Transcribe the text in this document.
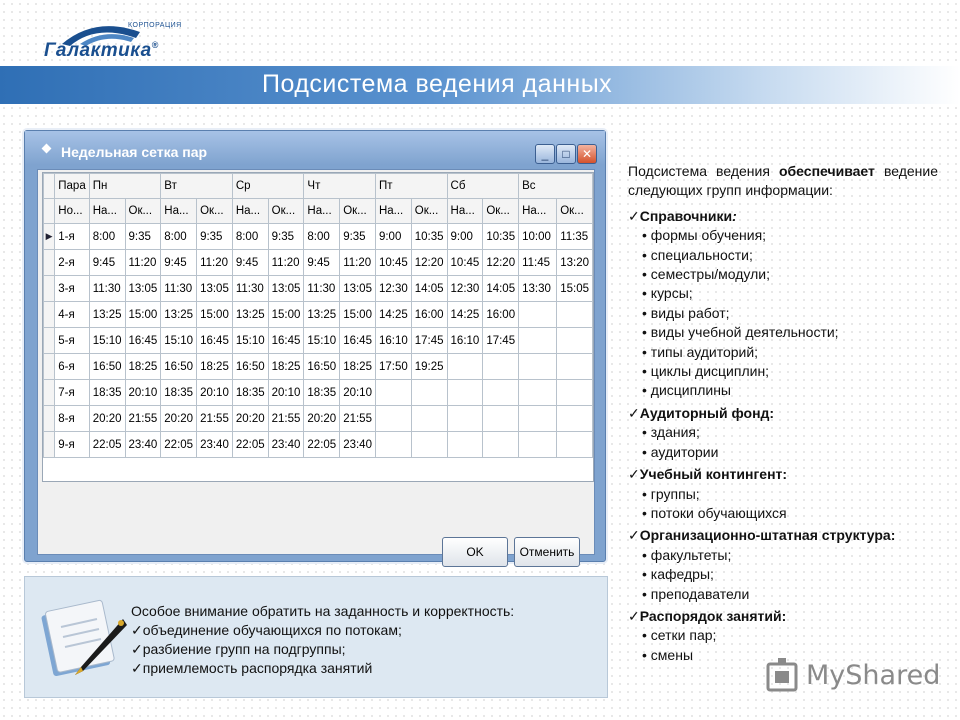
КОРПОРАЦИЯ
Галактика®
Подсистема ведения данных
Недельная сетка пар	_	□	✕
	Пара	Пн		Вт		Ср		Чт		Пт		Сб		Вс	
	Но...	На...	Ок...	На...	Ок...	На...	Ок...	На...	Ок...	На...	Ок...	На...	Ок...	На...	Ок...
▶	1-я	8:00	9:35	8:00	9:35	8:00	9:35	8:00	9:35	9:00	10:35	9:00	10:35	10:00	11:35
	2-я	9:45	11:20	9:45	11:20	9:45	11:20	9:45	11:20	10:45	12:20	10:45	12:20	11:45	13:20
	3-я	11:30	13:05	11:30	13:05	11:30	13:05	11:30	13:05	12:30	14:05	12:30	14:05	13:30	15:05
	4-я	13:25	15:00	13:25	15:00	13:25	15:00	13:25	15:00	14:25	16:00	14:25	16:00		
	5-я	15:10	16:45	15:10	16:45	15:10	16:45	15:10	16:45	16:10	17:45	16:10	17:45		
	6-я	16:50	18:25	16:50	18:25	16:50	18:25	16:50	18:25	17:50	19:25				
	7-я	18:35	20:10	18:35	20:10	18:35	20:10	18:35	20:10						
	8-я	20:20	21:55	20:20	21:55	20:20	21:55	20:20	21:55						
	9-я	22:05	23:40	22:05	23:40	22:05	23:40	22:05	23:40						

OK	Отменить
Особое внимание обратить на заданность и корректность:
✓объединение обучающихся по потокам;
✓разбиение групп на подгруппы;
✓приемлемость распорядка занятий
Подсистема ведения обеспечивает ведение следующих групп информации:
✓Справочники:
• формы обучения;
• специальности;
• семестры/модули;
• курсы;
• виды работ;
• виды учебной деятельности;
• типы аудиторий;
• циклы дисциплин;
• дисциплины
✓Аудиторный фонд:
• здания;
• аудитории
✓Учебный контингент:
• группы;
• потоки обучающихся
✓Организационно-штатная структура:
• факультеты;
• кафедры;
• преподаватели
✓Распорядок занятий:
• сетки пар;
• смены
MyShared
